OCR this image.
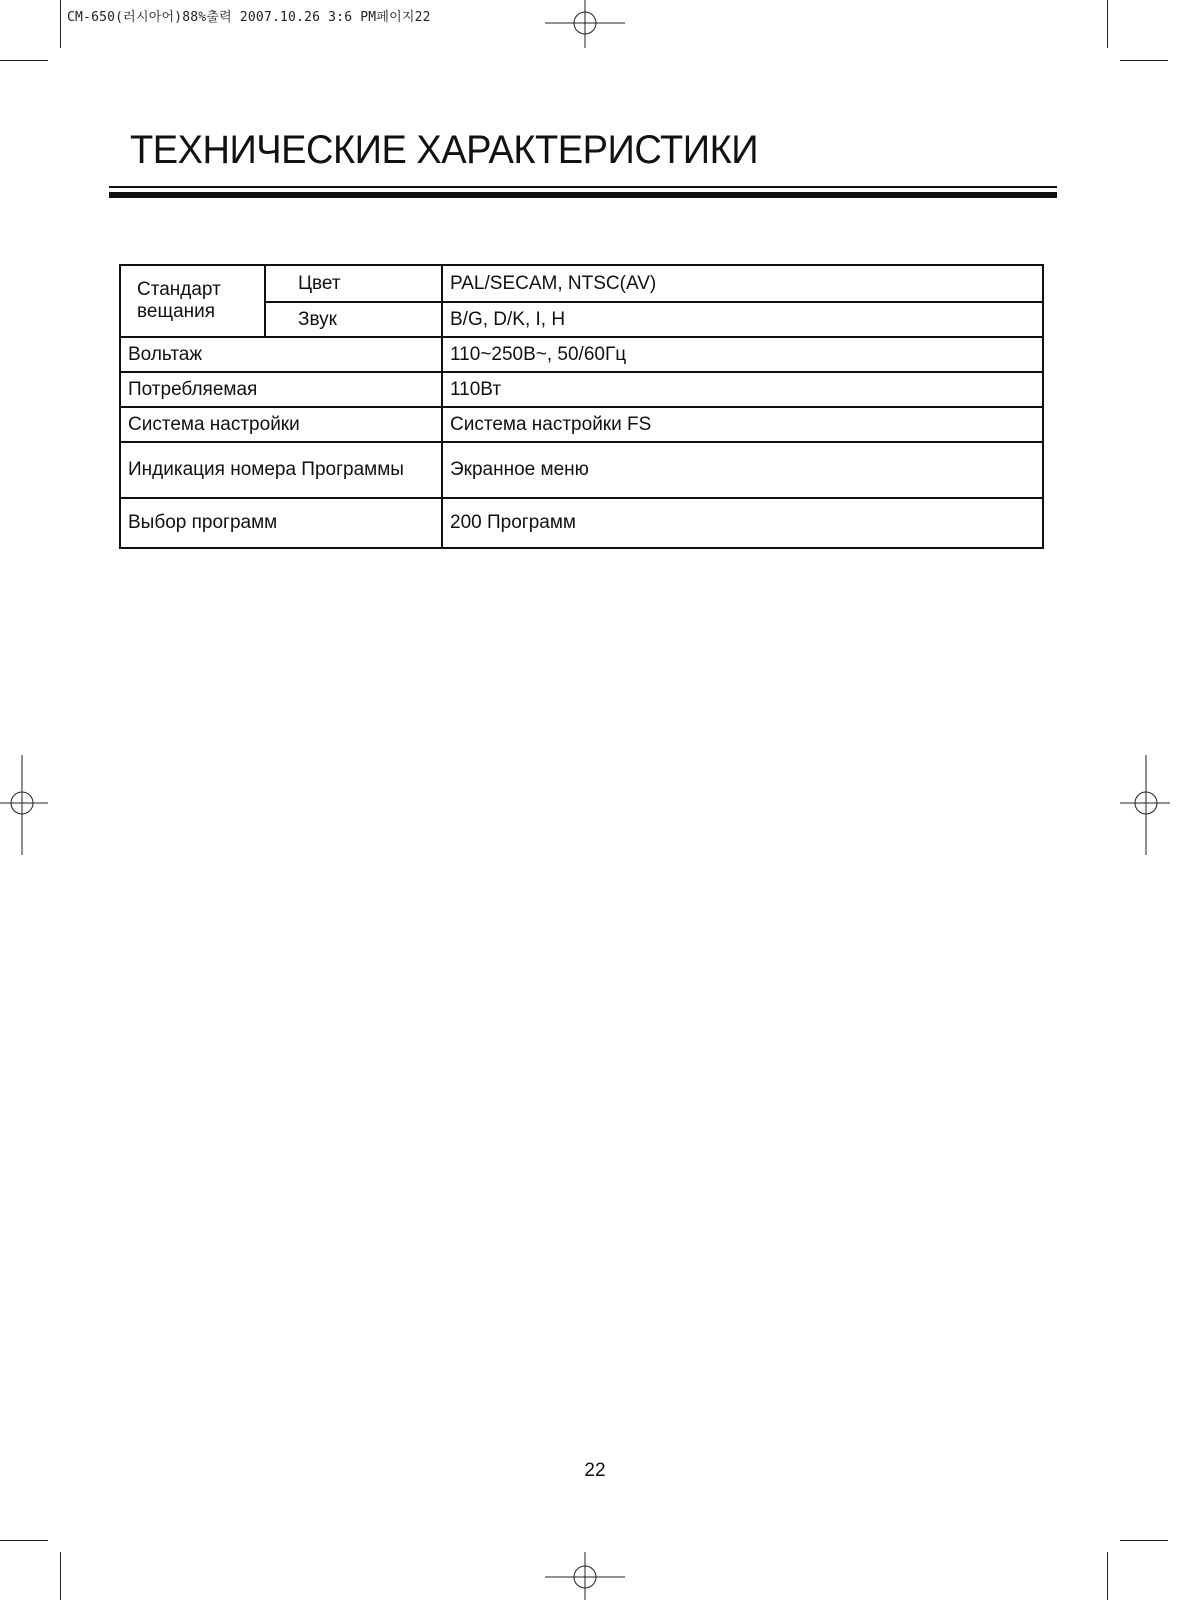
CM-650(러시아어)88%출력 2007.10.26 3:6 PM페이지22
ТЕХНИЧЕСКИЕ ХАРАКТЕРИСТИКИ
Стандарт вещания	Цвет	PAL/SECAM, NTSC(AV)
	Звук	B/G, D/K, I, H
Вольтаж		110~250В~, 50/60Гц
Потребляемая		110Вт
Система настройки		Система настройки FS
Индикация номера Программы		Экранное меню
Выбор программ		200 Программ
22
